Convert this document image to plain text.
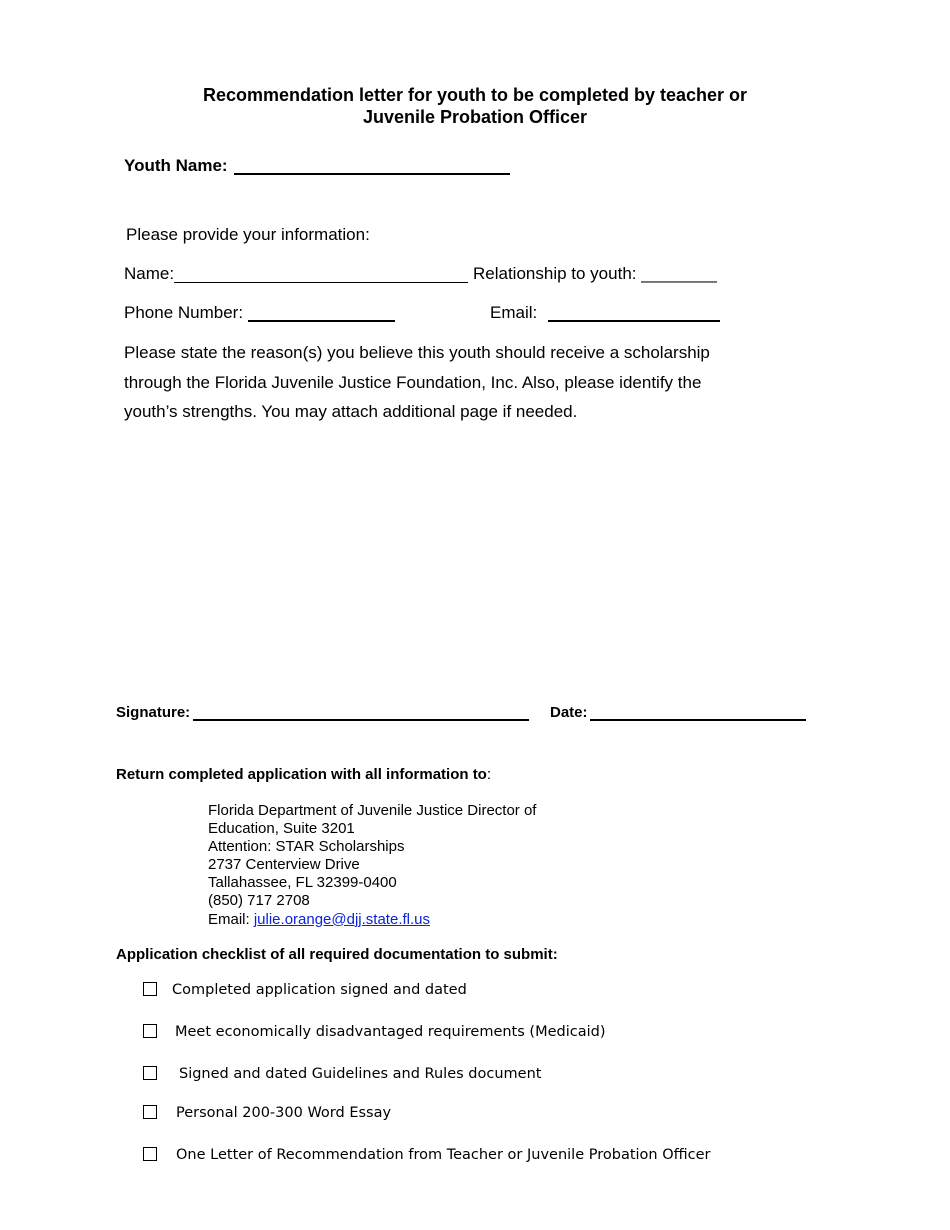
Recommendation letter for youth to be completed by teacher or
Juvenile Probation Officer
Youth Name:
Please provide your information:
Name:	Relationship to youth: ________
Phone Number:	Email:
Please state the reason(s) you believe this youth should receive a scholarship
through the Florida Juvenile Justice Foundation, Inc. Also, please identify the
youth’s strengths. You may attach additional page if needed.
Signature:	Date:
Return completed application with all information to:
Florida Department of Juvenile Justice Director of
Education, Suite 3201
Attention: STAR Scholarships
2737 Centerview Drive
Tallahassee, FL 32399-0400
(850) 717 2708
Email: julie.orange@djj.state.fl.us
Application checklist of all required documentation to submit:
Completed application signed and dated
Meet economically disadvantaged requirements (Medicaid)
Signed and dated Guidelines and Rules document
Personal 200-300 Word Essay
One Letter of Recommendation from Teacher or Juvenile Probation Officer
